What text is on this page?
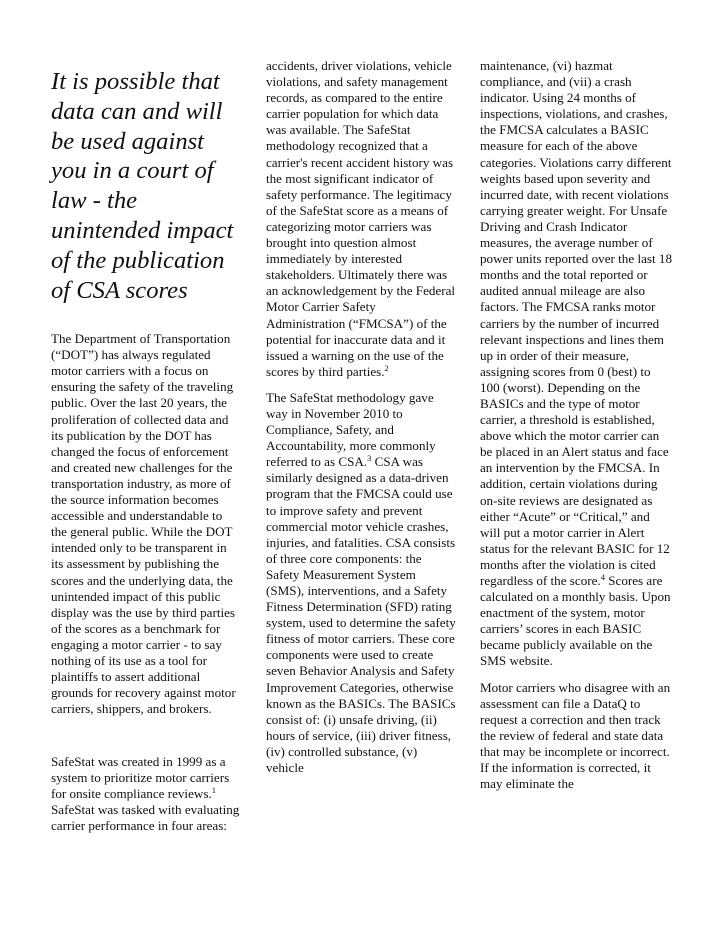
It is possible that data can and will be used against you in a court of law - the unintended impact of the publication of CSA scores

The Department of Transportation (“DOT”) has always regulated motor carriers with a focus on ensuring the safety of the traveling public. Over the last 20 years, the proliferation of collected data and its publication by the DOT has changed the focus of enforcement and created new challenges for the transportation industry, as more of the source information becomes accessible and understandable to the general public. While the DOT intended only to be transparent in its assessment by publishing the scores and the underlying data, the unintended impact of this public display was the use by third parties of the scores as a benchmark for engaging a motor carrier - to say nothing of its use as a tool for plaintiffs to assert additional grounds for recovery against motor carriers, shippers, and brokers.

SafeStat was created in 1999 as a system to prioritize motor carriers for onsite compliance reviews.$^1$ SafeStat was tasked with evaluating carrier performance in four areas:

accidents, driver violations, vehicle violations, and safety management records, as compared to the entire carrier population for which data was available. The SafeStat methodology recognized that a carrier's recent accident history was the most significant indicator of safety performance. The legitimacy of the SafeStat score as a means of categorizing motor carriers was brought into question almost immediately by interested stakeholders. Ultimately there was an acknowledgement by the Federal Motor Carrier Safety Administration (“FMCSA”) of the potential for inaccurate data and it issued a warning on the use of the scores by third parties.$^2$

The SafeStat methodology gave way in November 2010 to Compliance, Safety, and Accountability, more commonly referred to as CSA.$^3$ CSA was similarly designed as a data-driven program that the FMCSA could use to improve safety and prevent commercial motor vehicle crashes, injuries, and fatalities. CSA consists of three core components: the Safety Measurement System (SMS), interventions, and a Safety Fitness Determination (SFD) rating system, used to determine the safety fitness of motor carriers. These core components were used to create seven Behavior Analysis and Safety Improvement Categories, otherwise known as the BASICs. The BASICs consist of: (i) unsafe driving, (ii) hours of service, (iii) driver fitness, (iv) controlled substance, (v) vehicle

maintenance, (vi) hazmat compliance, and (vii) a crash indicator. Using 24 months of inspections, violations, and crashes, the FMCSA calculates a BASIC measure for each of the above categories. Violations carry different weights based upon severity and incurred date, with recent violations carrying greater weight. For Unsafe Driving and Crash Indicator measures, the average number of power units reported over the last 18 months and the total reported or audited annual mileage are also factors. The FMCSA ranks motor carriers by the number of incurred relevant inspections and lines them up in order of their measure, assigning scores from 0 (best) to 100 (worst). Depending on the BASICs and the type of motor carrier, a threshold is established, above which the motor carrier can be placed in an Alert status and face an intervention by the FMCSA. In addition, certain violations during on-site reviews are designated as either “Acute” or “Critical,” and will put a motor carrier in Alert status for the relevant BASIC for 12 months after the violation is cited regardless of the score.$^4$ Scores are calculated on a monthly basis. Upon enactment of the system, motor carriers’ scores in each BASIC became publicly available on the SMS website.

Motor carriers who disagree with an assessment can file a DataQ to request a correction and then track the review of federal and state data that may be incomplete or incorrect. If the information is corrected, it may eliminate the
